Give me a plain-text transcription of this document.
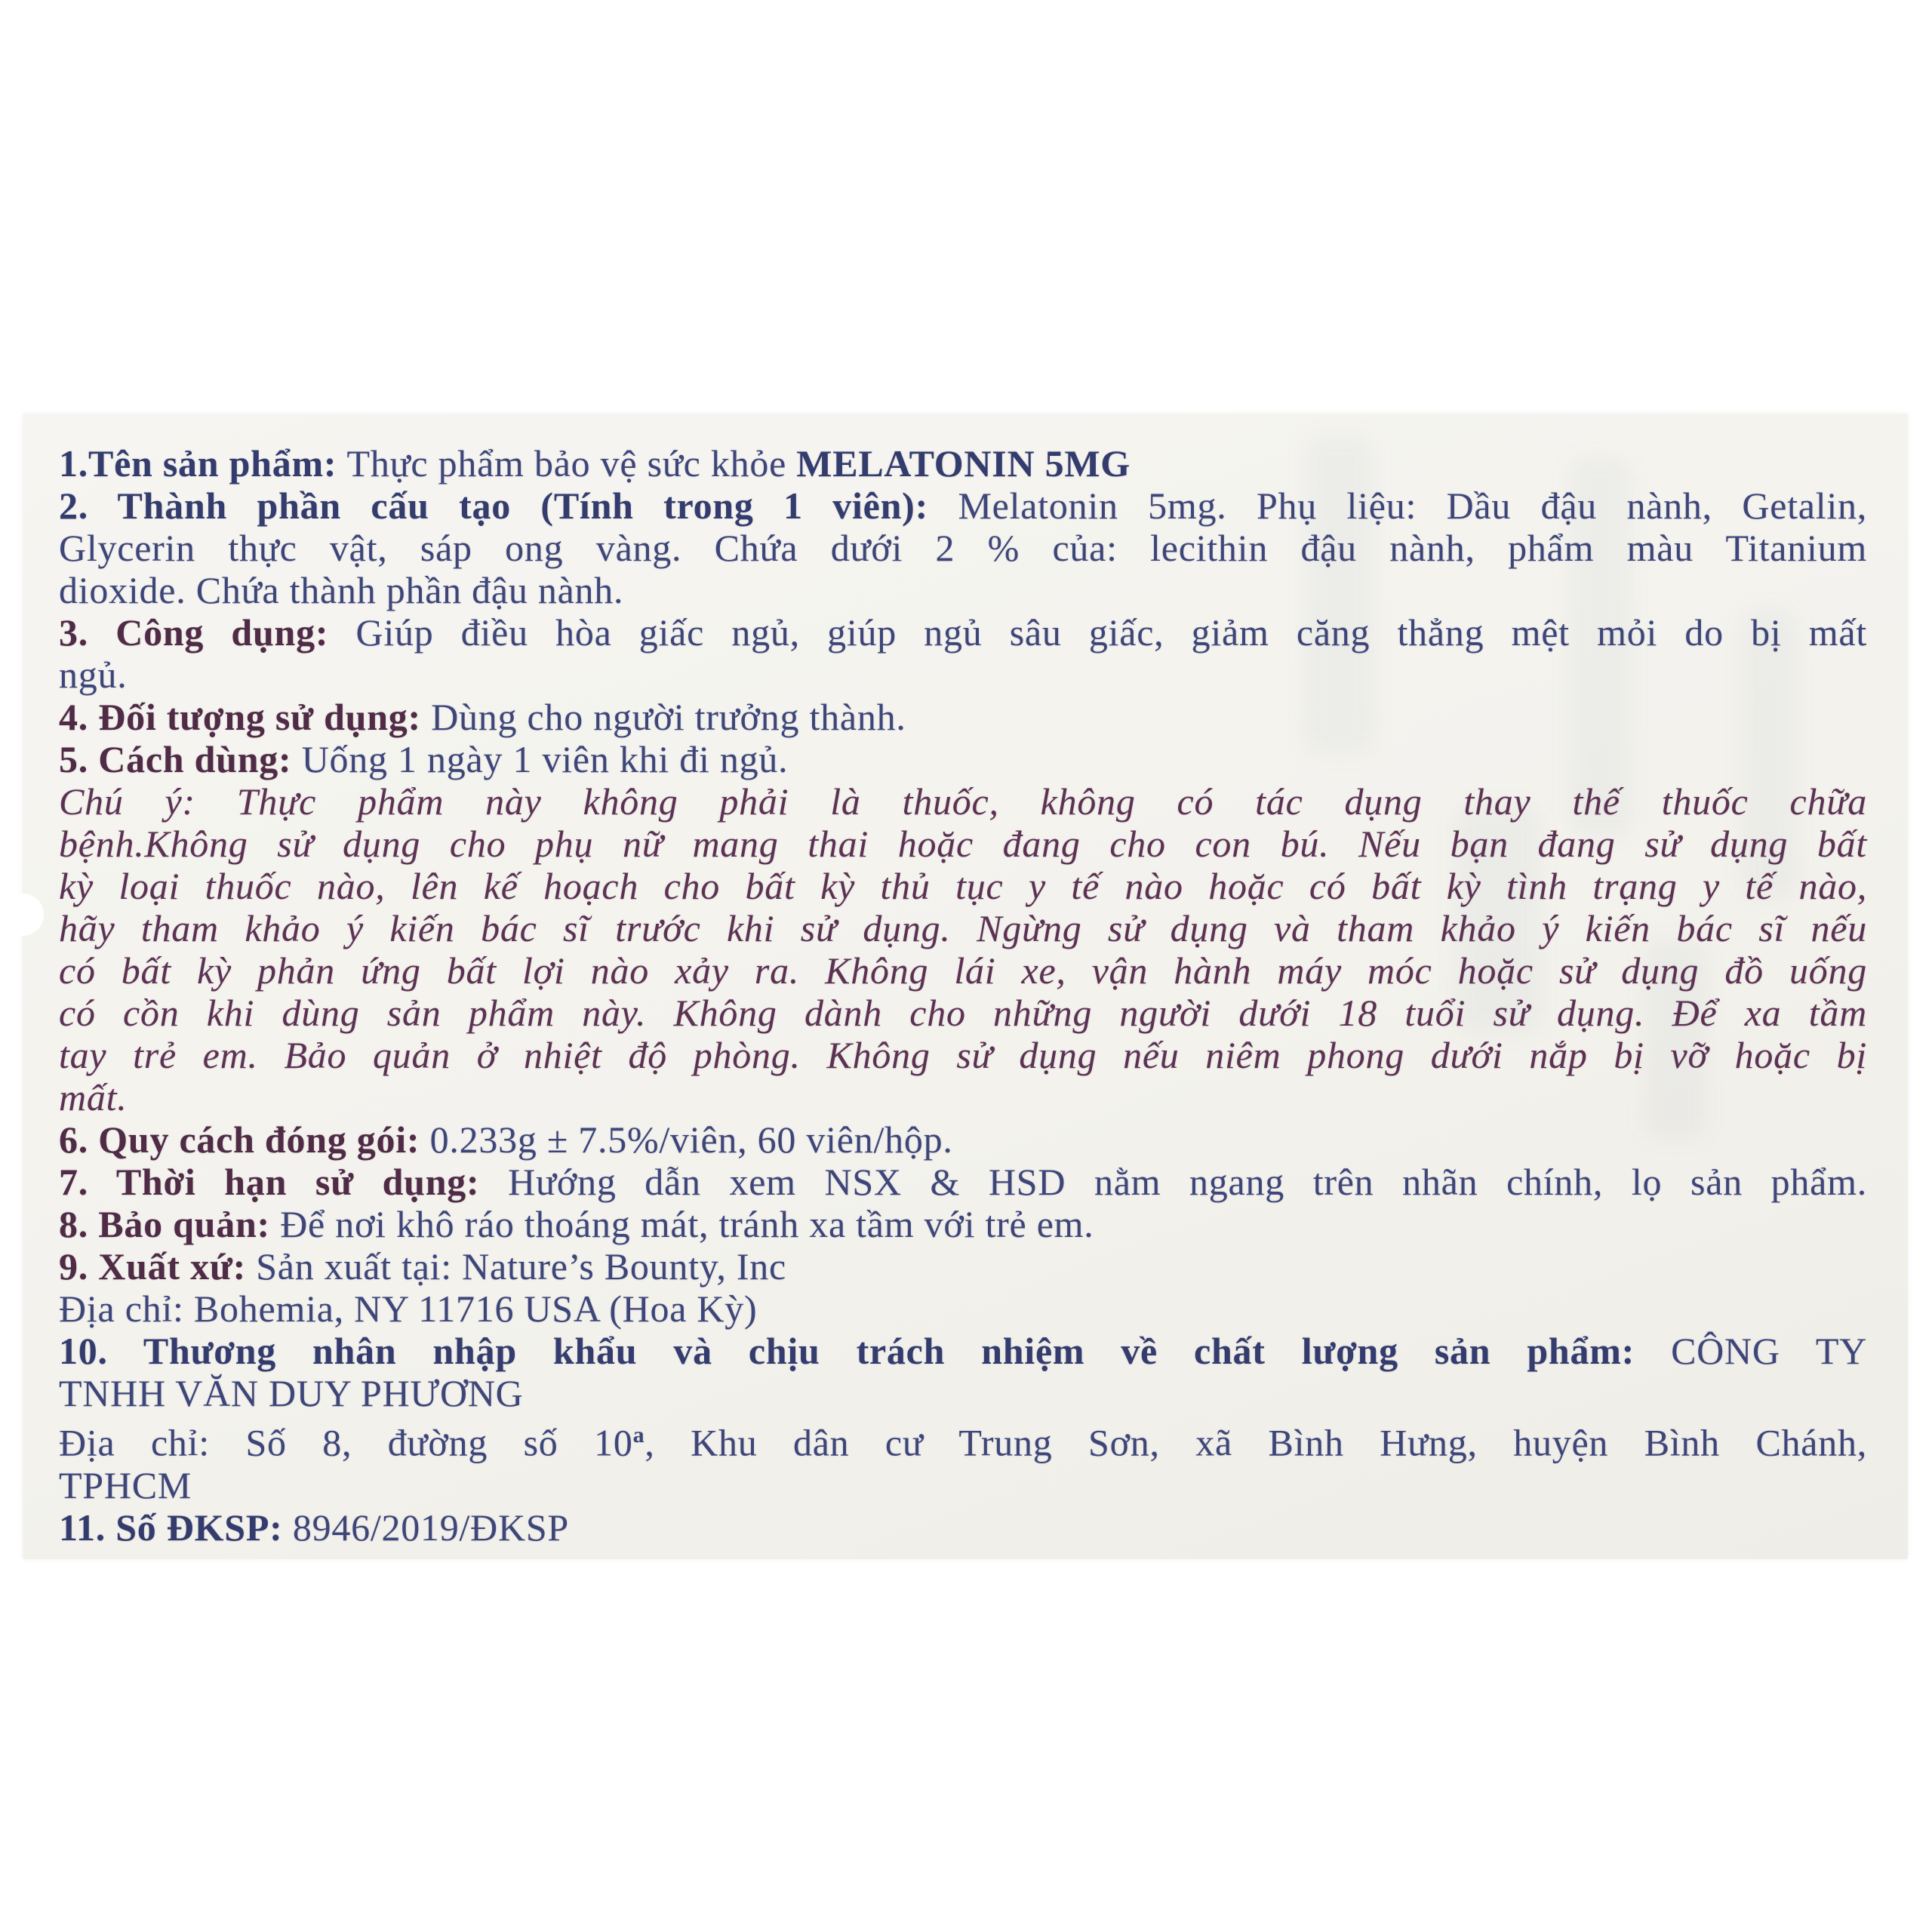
1.Tên sản phẩm: Thực phẩm bảo vệ sức khỏe MELATONIN 5MG
2. Thành phần cấu tạo (Tính trong 1 viên): Melatonin 5mg. Phụ liệu: Dầu đậu nành, Getalin,
Glycerin thực vật, sáp ong vàng. Chứa dưới 2 % của: lecithin đậu nành, phẩm màu Titanium
dioxide. Chứa thành phần đậu nành.
3. Công dụng: Giúp điều hòa giấc ngủ, giúp ngủ sâu giấc, giảm căng thẳng mệt mỏi do bị mất
ngủ.
4. Đối tượng sử dụng: Dùng cho người trưởng thành.
5. Cách dùng: Uống 1 ngày 1 viên khi đi ngủ.
Chú ý: Thực phẩm này không phải là thuốc, không có tác dụng thay thế thuốc chữa
bệnh.Không sử dụng cho phụ nữ mang thai hoặc đang cho con bú. Nếu bạn đang sử dụng bất
kỳ loại thuốc nào, lên kế hoạch cho bất kỳ thủ tục y tế nào hoặc có bất kỳ tình trạng y tế nào,
hãy tham khảo ý kiến bác sĩ trước khi sử dụng. Ngừng sử dụng và tham khảo ý kiến bác sĩ nếu
có bất kỳ phản ứng bất lợi nào xảy ra. Không lái xe, vận hành máy móc hoặc sử dụng đồ uống
có cồn khi dùng sản phẩm này. Không dành cho những người dưới 18 tuổi sử dụng. Để xa tầm
tay trẻ em. Bảo quản ở nhiệt độ phòng. Không sử dụng nếu niêm phong dưới nắp bị vỡ hoặc bị
mất.
6. Quy cách đóng gói: 0.233g ± 7.5%/viên, 60 viên/hộp.
7. Thời hạn sử dụng: Hướng dẫn xem NSX & HSD nằm ngang trên nhãn chính, lọ sản phẩm.
8. Bảo quản: Để nơi khô ráo thoáng mát, tránh xa tầm với trẻ em.
9. Xuất xứ: Sản xuất tại: Nature’s Bounty, Inc
Địa chỉ: Bohemia, NY 11716 USA (Hoa Kỳ)
10. Thương nhân nhập khẩu và chịu trách nhiệm về chất lượng sản phẩm: CÔNG TY
TNHH VĂN DUY PHƯƠNG
Địa chỉ: Số 8, đường số 10$^a$, Khu dân cư Trung Sơn, xã Bình Hưng, huyện Bình Chánh,
TPHCM
11. Số ĐKSP: 8946/2019/ĐKSP
